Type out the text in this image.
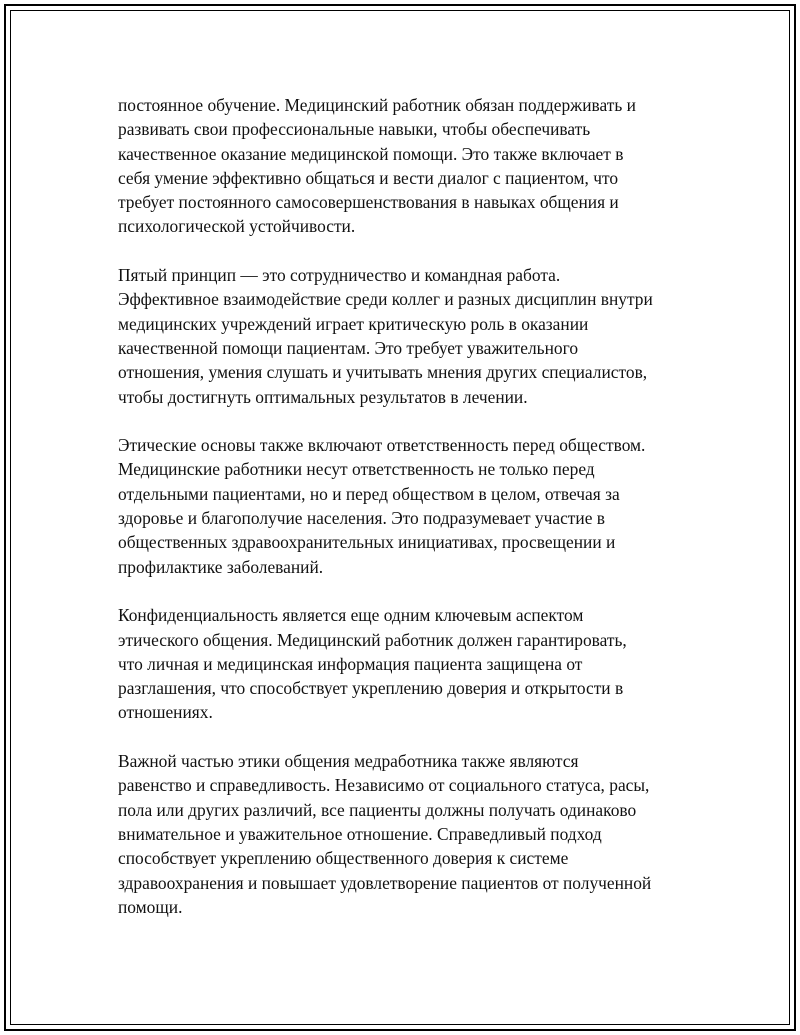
постоянное обучение. Медицинский работник обязан поддерживать и
развивать свои профессиональные навыки, чтобы обеспечивать
качественное оказание медицинской помощи. Это также включает в
себя умение эффективно общаться и вести диалог с пациентом, что
требует постоянного самосовершенствования в навыках общения и
психологической устойчивости.

Пятый принцип — это сотрудничество и командная работа.
Эффективное взаимодействие среди коллег и разных дисциплин внутри
медицинских учреждений играет критическую роль в оказании
качественной помощи пациентам. Это требует уважительного
отношения, умения слушать и учитывать мнения других специалистов,
чтобы достигнуть оптимальных результатов в лечении.

Этические основы также включают ответственность перед обществом.
Медицинские работники несут ответственность не только перед
отдельными пациентами, но и перед обществом в целом, отвечая за
здоровье и благополучие населения. Это подразумевает участие в
общественных здравоохранительных инициативах, просвещении и
профилактике заболеваний.

Конфиденциальность является еще одним ключевым аспектом
этического общения. Медицинский работник должен гарантировать,
что личная и медицинская информация пациента защищена от
разглашения, что способствует укреплению доверия и открытости в
отношениях.

Важной частью этики общения медработника также являются
равенство и справедливость. Независимо от социального статуса, расы,
пола или других различий, все пациенты должны получать одинаково
внимательное и уважительное отношение. Справедливый подход
способствует укреплению общественного доверия к системе
здравоохранения и повышает удовлетворение пациентов от полученной
помощи.
